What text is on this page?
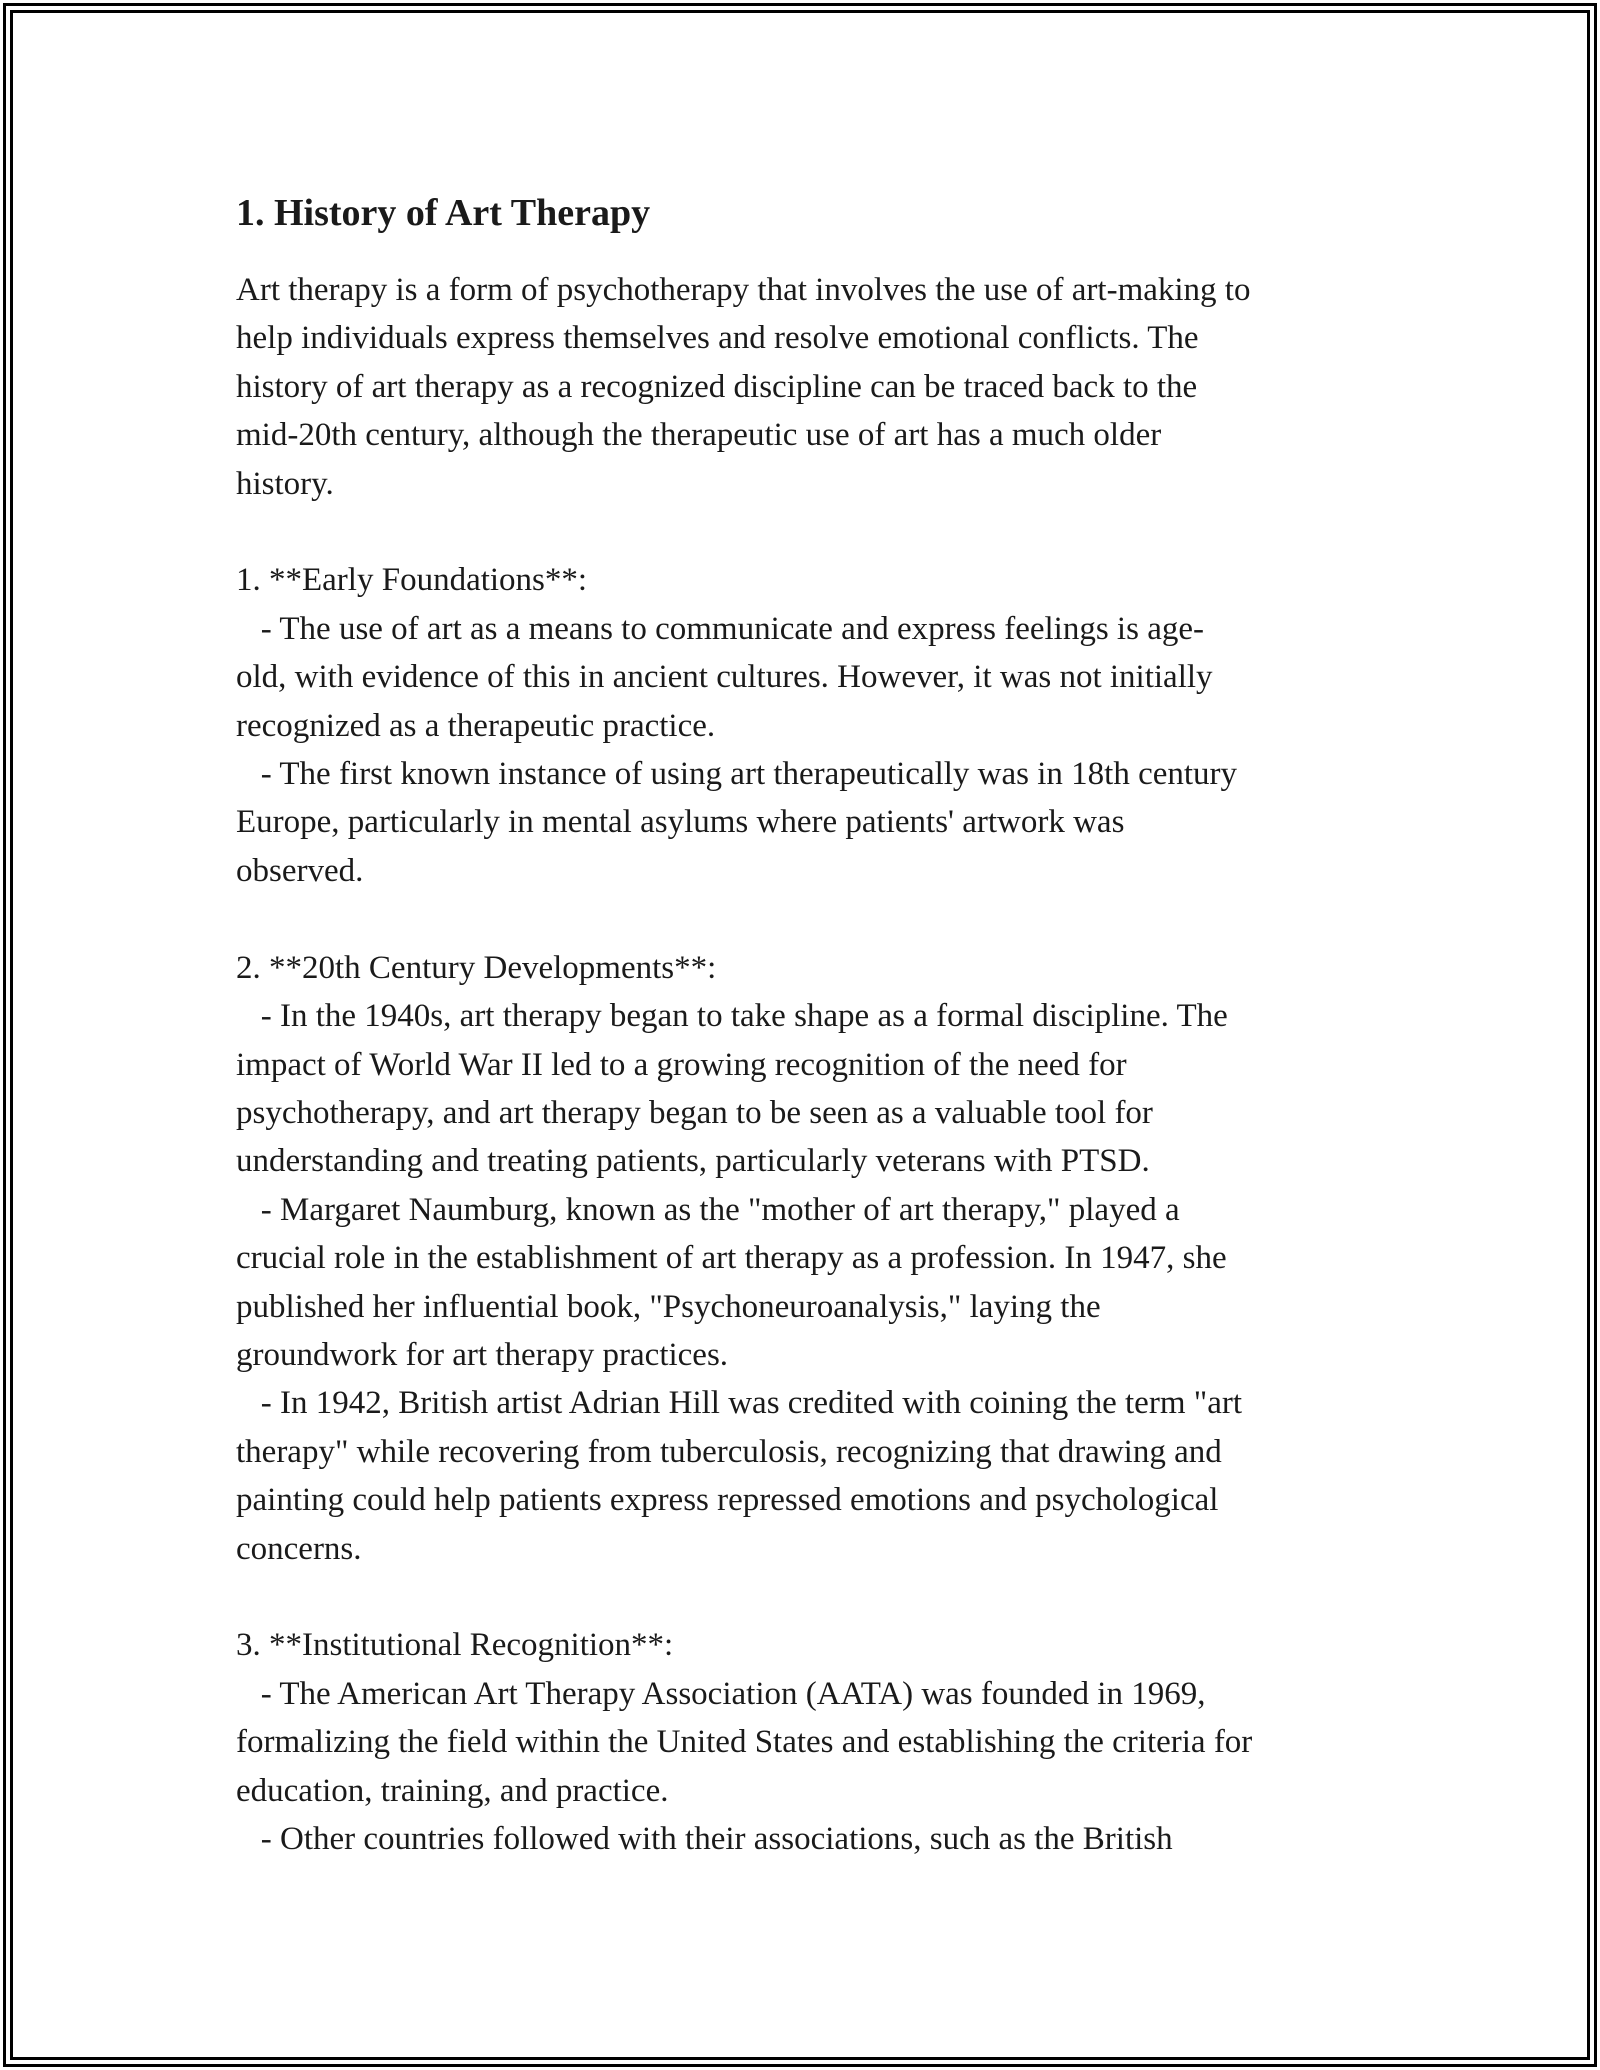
1. History of Art Therapy

Art therapy is a form of psychotherapy that involves the use of art-making to
help individuals express themselves and resolve emotional conflicts. The
history of art therapy as a recognized discipline can be traced back to the
mid-20th century, although the therapeutic use of art has a much older
history.

1. **Early Foundations**:
- The use of art as a means to communicate and express feelings is age-
old, with evidence of this in ancient cultures. However, it was not initially
recognized as a therapeutic practice.
- The first known instance of using art therapeutically was in 18th century
Europe, particularly in mental asylums where patients' artwork was
observed.

2. **20th Century Developments**:
- In the 1940s, art therapy began to take shape as a formal discipline. The
impact of World War II led to a growing recognition of the need for
psychotherapy, and art therapy began to be seen as a valuable tool for
understanding and treating patients, particularly veterans with PTSD.
- Margaret Naumburg, known as the "mother of art therapy," played a
crucial role in the establishment of art therapy as a profession. In 1947, she
published her influential book, "Psychoneuroanalysis," laying the
groundwork for art therapy practices.
- In 1942, British artist Adrian Hill was credited with coining the term "art
therapy" while recovering from tuberculosis, recognizing that drawing and
painting could help patients express repressed emotions and psychological
concerns.

3. **Institutional Recognition**:
- The American Art Therapy Association (AATA) was founded in 1969,
formalizing the field within the United States and establishing the criteria for
education, training, and practice.
- Other countries followed with their associations, such as the British
